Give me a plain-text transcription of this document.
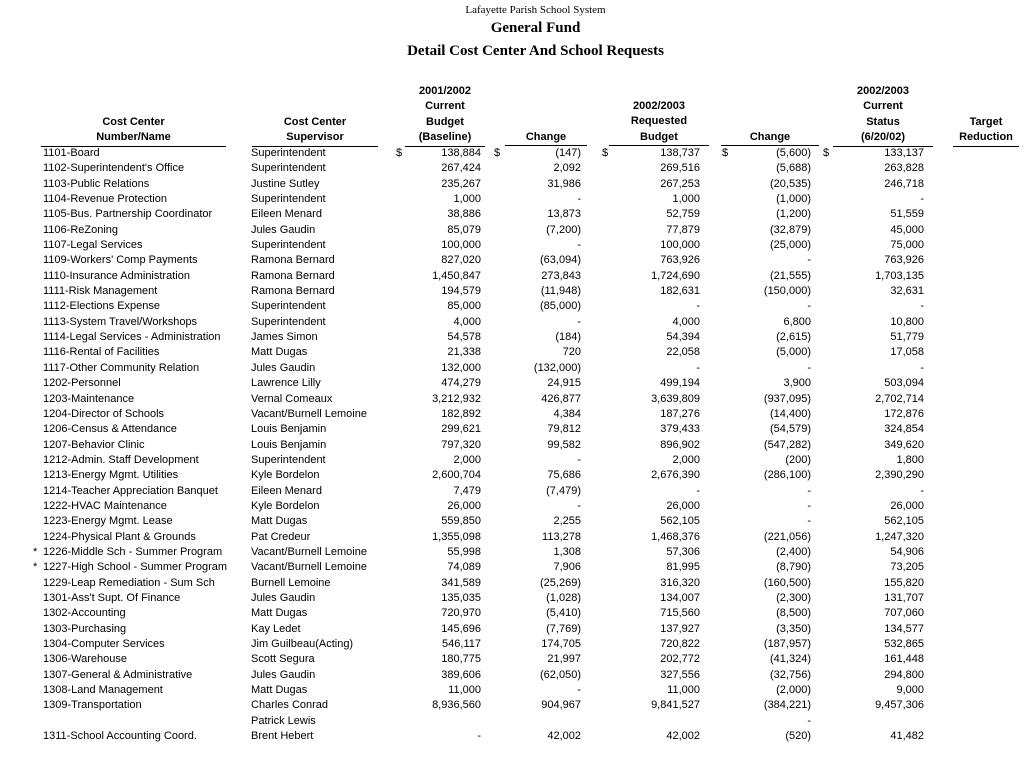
Lafayette Parish School System
General Fund
Detail Cost Center And School Requests
Cost Center
Number/Name
Cost Center
Supervisor
2001/2002
Current
Budget
(Baseline)	Change
2002/2003
Requested
Budget	Change
2002/2003
Current
Status
(6/20/02)
Target
Reduction
1101-Board	Superintendent	138,884	(147)	138,737	(5,600)	133,137
$	$	$	$	$
1102-Superintendent's Office	Superintendent	267,424	2,092	269,516	(5,688)	263,828
1103-Public Relations	Justine Sutley	235,267	31,986	267,253	(20,535)	246,718
1104-Revenue Protection	Superintendent	1,000	-	1,000	(1,000)	-
1105-Bus. Partnership Coordinator	Eileen Menard	38,886	13,873	52,759	(1,200)	51,559
1106-ReZoning	Jules Gaudin	85,079	(7,200)	77,879	(32,879)	45,000
1107-Legal Services	Superintendent	100,000	-	100,000	(25,000)	75,000
1109-Workers' Comp Payments	Ramona Bernard	827,020	(63,094)	763,926	-	763,926
1110-Insurance Administration	Ramona Bernard	1,450,847	273,843	1,724,690	(21,555)	1,703,135
1111-Risk Management	Ramona Bernard	194,579	(11,948)	182,631	(150,000)	32,631
1112-Elections Expense	Superintendent	85,000	(85,000)	-	-	-
1113-System Travel/Workshops	Superintendent	4,000	-	4,000	6,800	10,800
1114-Legal Services - Administration	James Simon	54,578	(184)	54,394	(2,615)	51,779
1116-Rental of Facilities	Matt Dugas	21,338	720	22,058	(5,000)	17,058
1117-Other Community Relation	Jules Gaudin	132,000	(132,000)	-	-	-
1202-Personnel	Lawrence Lilly	474,279	24,915	499,194	3,900	503,094
1203-Maintenance	Vernal Comeaux	3,212,932	426,877	3,639,809	(937,095)	2,702,714
1204-Director of Schools	Vacant/Burnell Lemoine	182,892	4,384	187,276	(14,400)	172,876
1206-Census & Attendance	Louis Benjamin	299,621	79,812	379,433	(54,579)	324,854
1207-Behavior Clinic	Louis Benjamin	797,320	99,582	896,902	(547,282)	349,620
1212-Admin. Staff Development	Superintendent	2,000	-	2,000	(200)	1,800
1213-Energy Mgmt. Utilities	Kyle Bordelon	2,600,704	75,686	2,676,390	(286,100)	2,390,290
1214-Teacher Appreciation Banquet	Eileen Menard	7,479	(7,479)	-	-	-
1222-HVAC Maintenance	Kyle Bordelon	26,000	-	26,000	-	26,000
1223-Energy Mgmt. Lease	Matt Dugas	559,850	2,255	562,105	-	562,105
1224-Physical Plant & Grounds	Pat Credeur	1,355,098	113,278	1,468,376	(221,056)	1,247,320
* 1226-Middle Sch - Summer Program	Vacant/Burnell Lemoine	55,998	1,308	57,306	(2,400)	54,906
* 1227-High School - Summer Program Vacant/Burnell Lemoine	74,089	7,906	81,995	(8,790)	73,205
1229-Leap Remediation - Sum Sch	Burnell Lemoine	341,589	(25,269)	316,320	(160,500)	155,820
1301-Ass't Supt. Of Finance	Jules Gaudin	135,035	(1,028)	134,007	(2,300)	131,707
1302-Accounting	Matt Dugas	720,970	(5,410)	715,560	(8,500)	707,060
1303-Purchasing	Kay Ledet	145,696	(7,769)	137,927	(3,350)	134,577
1304-Computer Services	Jim Guilbeau(Acting)	546,117	174,705	720,822	(187,957)	532,865
1306-Warehouse	Scott Segura	180,775	21,997	202,772	(41,324)	161,448
1307-General & Administrative	Jules Gaudin	389,606	(62,050)	327,556	(32,756)	294,800
1308-Land Management	Matt Dugas	11,000	-	11,000	(2,000)	9,000
1309-Transportation	Charles Conrad	8,936,560	904,967	9,841,527	(384,221)	9,457,306
Patrick Lewis	-
1311-School Accounting Coord.	Brent Hebert	-	42,002	42,002	(520)	41,482
